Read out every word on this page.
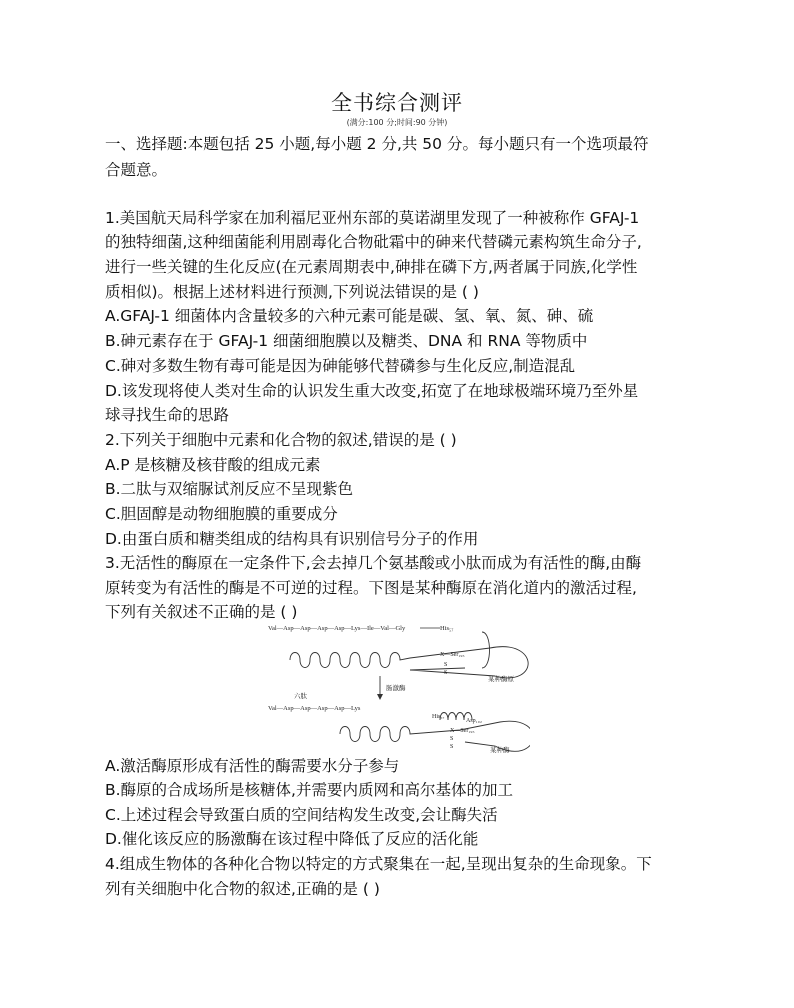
全书综合测评
(满分:100 分;时间:90 分钟)
一、选择题:本题包括 25 小题,每小题 2 分,共 50 分。每小题只有一个选项最符
合题意。
1.美国航天局科学家在加利福尼亚州东部的莫诺湖里发现了一种被称作 GFAJ-1
的独特细菌,这种细菌能利用剧毒化合物砒霜中的砷来代替磷元素构筑生命分子,
进行一些关键的生化反应(在元素周期表中,砷排在磷下方,两者属于同族,化学性
质相似)。根据上述材料进行预测,下列说法错误的是 ( )
A.GFAJ-1 细菌体内含量较多的六种元素可能是碳、氢、氧、氮、砷、硫
B.砷元素存在于 GFAJ-1 细菌细胞膜以及糖类、DNA 和 RNA 等物质中
C.砷对多数生物有毒可能是因为砷能够代替磷参与生化反应,制造混乱
D.该发现将使人类对生命的认识发生重大改变,拓宽了在地球极端环境乃至外星
球寻找生命的思路
2.下列关于细胞中元素和化合物的叙述,错误的是 ( )
A.P 是核糖及核苷酸的组成元素
B.二肽与双缩脲试剂反应不呈现紫色
C.胆固醇是动物细胞膜的重要成分
D.由蛋白质和糖类组成的结构具有识别信号分子的作用
3.无活性的酶原在一定条件下,会去掉几个氨基酸或小肽而成为有活性的酶,由酶
原转变为有活性的酶是不可逆的过程。下图是某种酶原在消化道内的激活过程,
下列有关叙述不正确的是 ( )
Val—Asp—Asp—Asp—Asp—Lys—Ile—Val—Gly	His₅₇
X—Ser₁₉₅
S
S
某种酶原
肠激酶
六肽
Val—Asp—Asp—Asp—Asp—Lys
His₅₇
Asp₁₀₂
X—Ser₁₉₅
S
S	某种酶
A.激活酶原形成有活性的酶需要水分子参与
B.酶原的合成场所是核糖体,并需要内质网和高尔基体的加工
C.上述过程会导致蛋白质的空间结构发生改变,会让酶失活
D.催化该反应的肠激酶在该过程中降低了反应的活化能
4.组成生物体的各种化合物以特定的方式聚集在一起,呈现出复杂的生命现象。下
列有关细胞中化合物的叙述,正确的是 ( )
